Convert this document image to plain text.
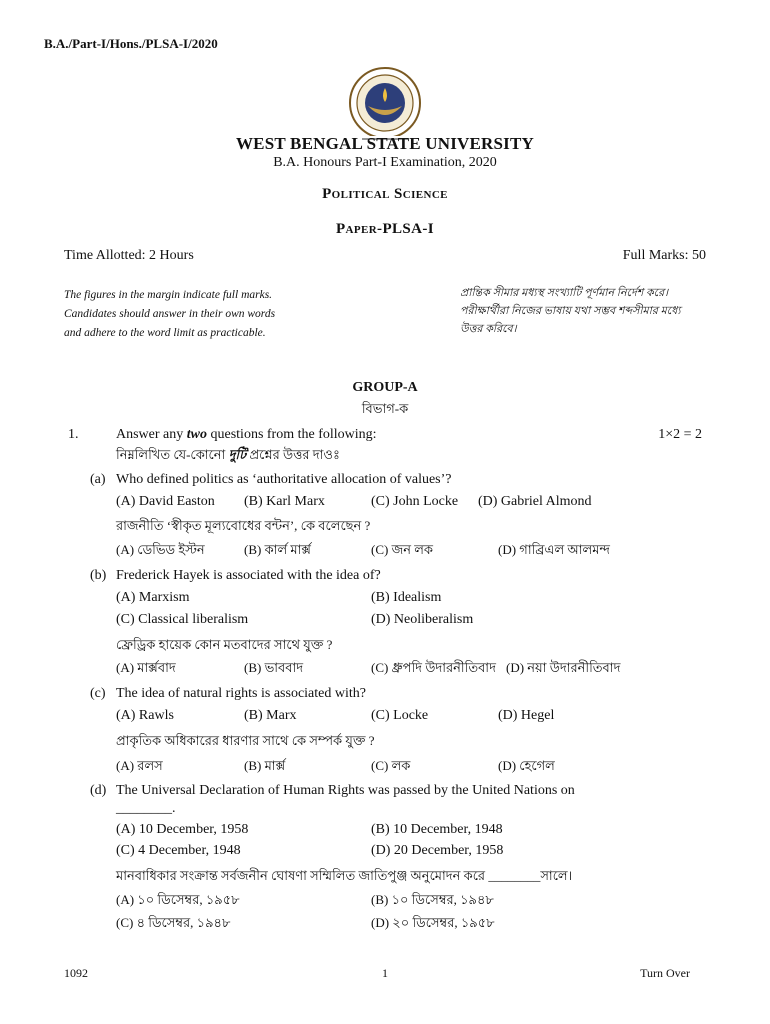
B.A./Part-I/Hons./PLSA-I/2020
WEST BENGAL STATE UNIVERSITY
B.A. Honours Part-I Examination, 2020
Political Science
Paper-PLSA-I
Time Allotted: 2 Hours	Full Marks: 50
The figures in the margin indicate full marks.
Candidates should answer in their own words
and adhere to the word limit as practicable.
প্রান্তিক সীমার মধ্যস্থ সংখ্যাটি পূর্ণমান নির্দেশ করে।
পরীক্ষার্থীরা নিজের ভাষায় যথা সম্ভব শব্দসীমার মধ্যে
উত্তর করিবে।
GROUP-A
বিভাগ-ক
1.	Answer any two questions from the following:	1×2 = 2
নিম্নলিখিত যে-কোনো দুটি প্রশ্নের উত্তর দাওঃ
(a) Who defined politics as ‘authoritative allocation of values’?
(A) David Easton (B) Karl Marx	(C) John Locke (D) Gabriel Almond
রাজনীতি ‘স্বীকৃত মূল্যবোধের বন্টন’, কে বলেছেন ?
(A) ডেভিড ইস্টন	(B) কার্ল মার্ক্স	(C) জন লক	(D) গাব্রিএল আলমন্দ
(b) Frederick Hayek is associated with the idea of?
(A) Marxism	(B) Idealism
(C) Classical liberalism	(D) Neoliberalism
ফ্রেড্রিক হায়েক কোন মতবাদের সাথে যুক্ত ?
(A) মার্ক্সবাদ	(B) ভাববাদ	(C) ধ্রুপদি উদারনীতিবাদ (D) নয়া উদারনীতিবাদ
(c) The idea of natural rights is associated with?
(A) Rawls	(B) Marx	(C) Locke	(D) Hegel
প্রাকৃতিক অধিকারের ধারণার সাথে কে সম্পর্ক যুক্ত ?
(A) রলস	(B) মার্ক্স	(C) লক	(D) হেগেল
(d) The Universal Declaration of Human Rights was passed by the United Nations on
________.
(A) 10 December, 1958	(B) 10 December, 1948
(C) 4 December, 1948	(D) 20 December, 1958
মানবাধিকার সংক্রান্ত সর্বজনীন ঘোষণা সম্মিলিত জাতিপুঞ্জ অনুমোদন করে ________সালে।
(A) ১০ ডিসেম্বর, ১৯৫৮	(B) ১০ ডিসেম্বর, ১৯৪৮
(C) ৪ ডিসেম্বর, ১৯৪৮	(D) ২০ ডিসেম্বর, ১৯৫৮
1092	1	Turn Over
